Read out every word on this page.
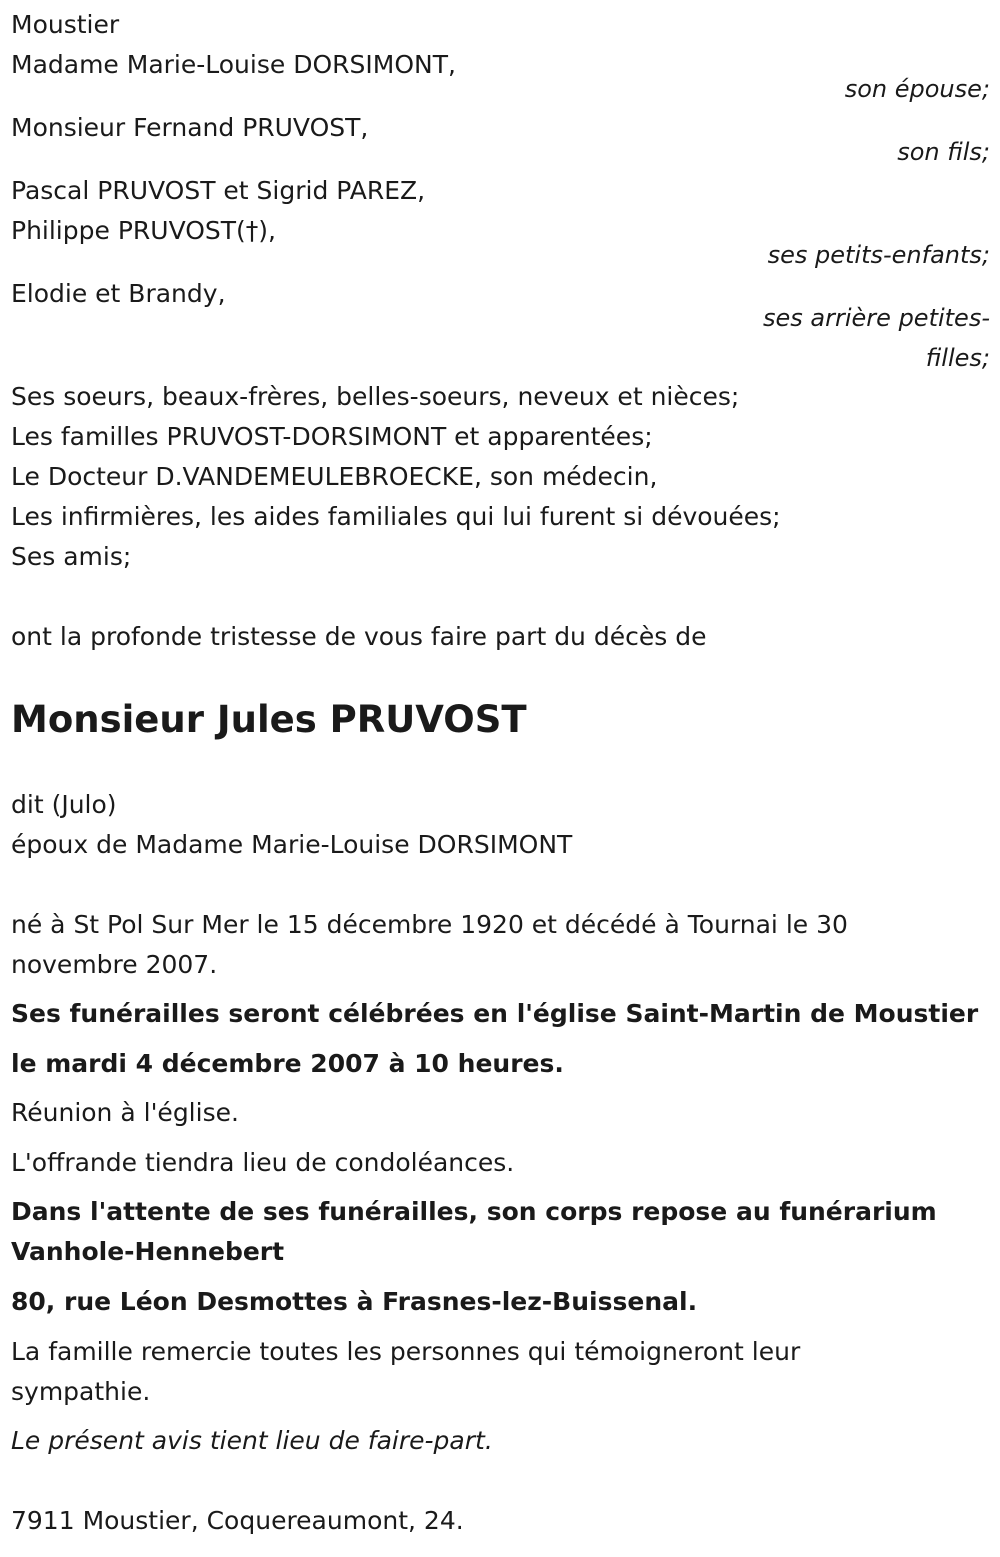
Moustier
Madame Marie-Louise DORSIMONT,
son épouse;
Monsieur Fernand PRUVOST,
son fils;
Pascal PRUVOST et Sigrid PAREZ,
Philippe PRUVOST(†),
ses petits-enfants;
Elodie et Brandy,
ses arrière petites-
filles;
Ses soeurs, beaux-frères, belles-soeurs, neveux et nièces;
Les familles PRUVOST-DORSIMONT et apparentées;
Le Docteur D.VANDEMEULEBROECKE, son médecin,
Les infirmières, les aides familiales qui lui furent si dévouées;
Ses amis;
ont la profonde tristesse de vous faire part du décès de
Monsieur Jules PRUVOST
dit (Julo)
époux de Madame Marie-Louise DORSIMONT
né à St Pol Sur Mer le 15 décembre 1920 et décédé à Tournai le 30
novembre 2007.
Ses funérailles seront célébrées en l'église Saint-Martin de Moustier
le mardi 4 décembre 2007 à 10 heures.
Réunion à l'église.
L'offrande tiendra lieu de condoléances.
Dans l'attente de ses funérailles, son corps repose au funérarium
Vanhole-Hennebert
80, rue Léon Desmottes à Frasnes-lez-Buissenal.
La famille remercie toutes les personnes qui témoigneront leur
sympathie.
Le présent avis tient lieu de faire-part.
7911 Moustier, Coquereaumont, 24.
